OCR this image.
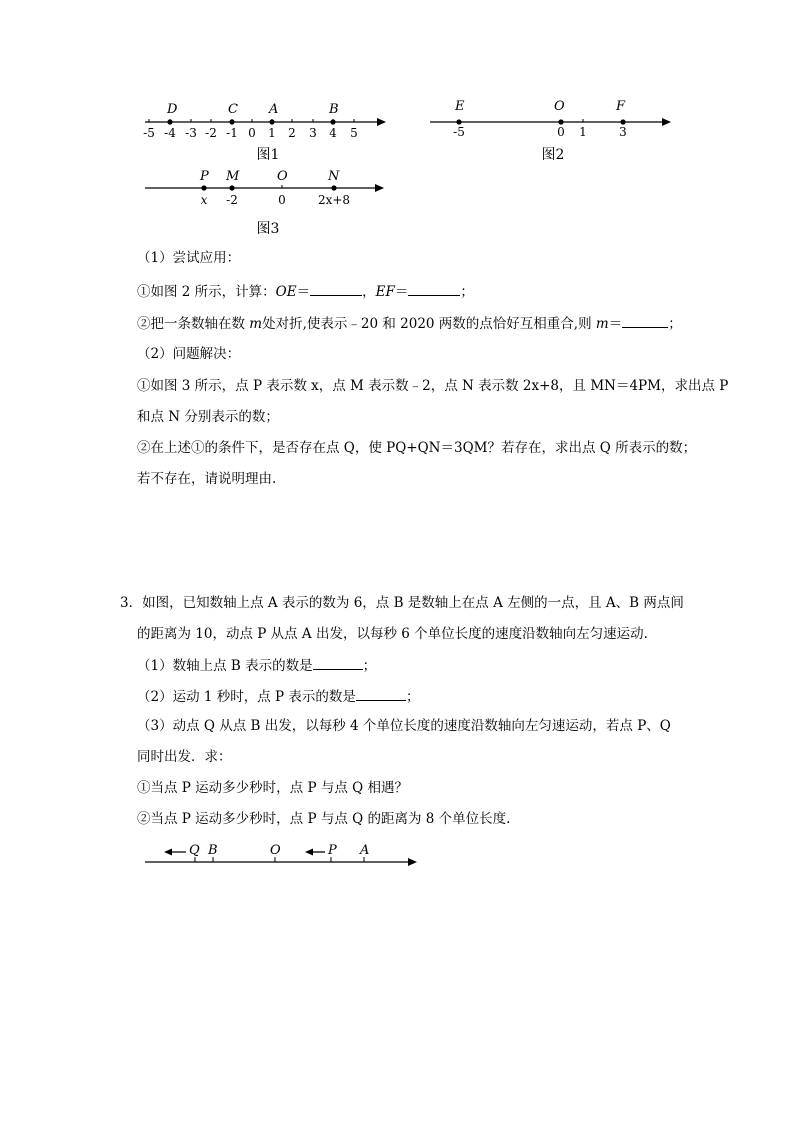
D	C A	B
-5 -4 -3 -2 -1 0 1 2 3 4 5
图1
E	O	F
-5	0 1	3
图2
P M	O	N
x -2	0	2x+8
图3
（1）尝试应用：
①如图 2 所示，计算：OE＝	，EF＝	；
②把一条数轴在数 m处对折,使表示﹣20 和 2020 两数的点恰好互相重合,则 m＝	；
（2）问题解决：
①如图 3 所示，点 P 表示数 x，点 M 表示数﹣2，点 N 表示数 2x+8，且 MN＝4PM，求出点 P
和点 N 分别表示的数；
②在上述①的条件下，是否存在点 Q，使 PQ+QN＝3QM？若存在，求出点 Q 所表示的数；
若不存在，请说明理由.
3．如图，已知数轴上点 A 表示的数为 6，点 B 是数轴上在点 A 左侧的一点，且 A、B 两点间
的距离为 10，动点 P 从点 A 出发，以每秒 6 个单位长度的速度沿数轴向左匀速运动.
（1）数轴上点 B 表示的数是	；
（2）运动 1 秒时，点 P 表示的数是	；
（3）动点 Q 从点 B 出发，以每秒 4 个单位长度的速度沿数轴向左匀速运动，若点 P、Q
同时出发．求：
①当点 P 运动多少秒时，点 P 与点 Q 相遇？
②当点 P 运动多少秒时，点 P 与点 Q 的距离为 8 个单位长度.
Q B	O	P A
